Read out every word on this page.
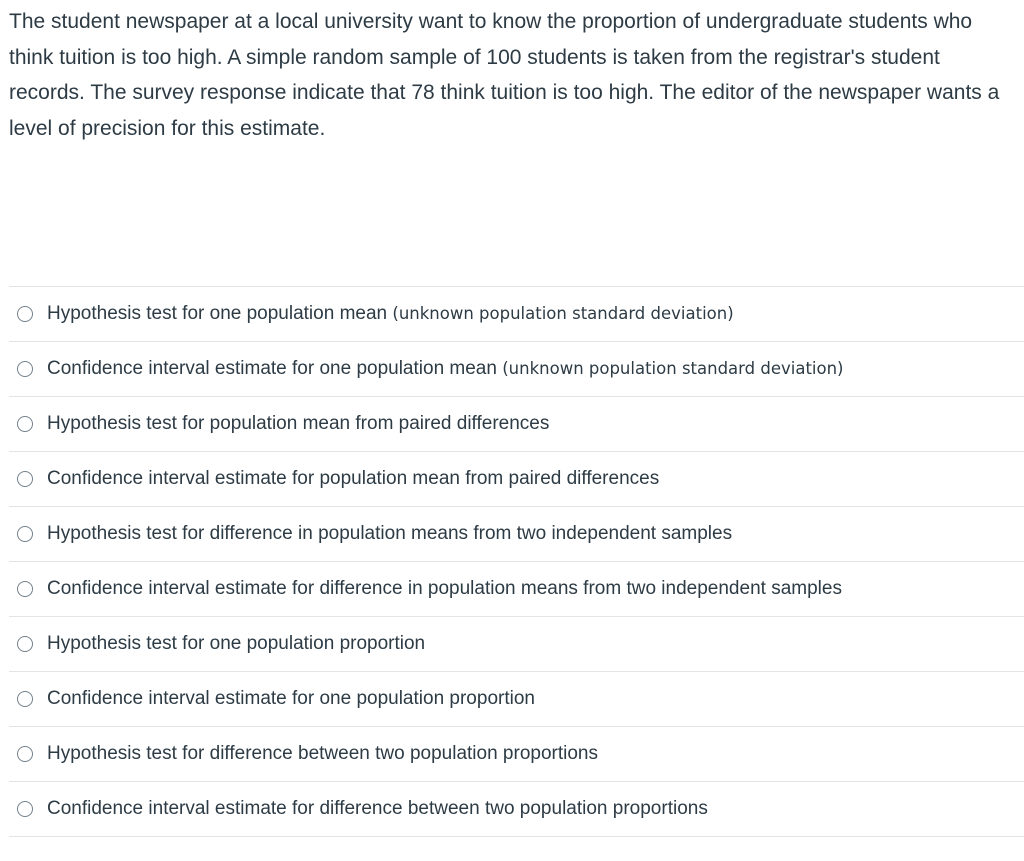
The student newspaper at a local university want to know the proportion of undergraduate students who think tuition is too high. A simple random sample of 100 students is taken from the registrar's student records. The survey response indicate that 78 think tuition is too high. The editor of the newspaper wants a level of precision for this estimate.

Hypothesis test for one population mean (unknown population standard deviation)
Confidence interval estimate for one population mean (unknown population standard deviation)
Hypothesis test for population mean from paired differences
Confidence interval estimate for population mean from paired differences
Hypothesis test for difference in population means from two independent samples
Confidence interval estimate for difference in population means from two independent samples
Hypothesis test for one population proportion
Confidence interval estimate for one population proportion
Hypothesis test for difference between two population proportions
Confidence interval estimate for difference between two population proportions
